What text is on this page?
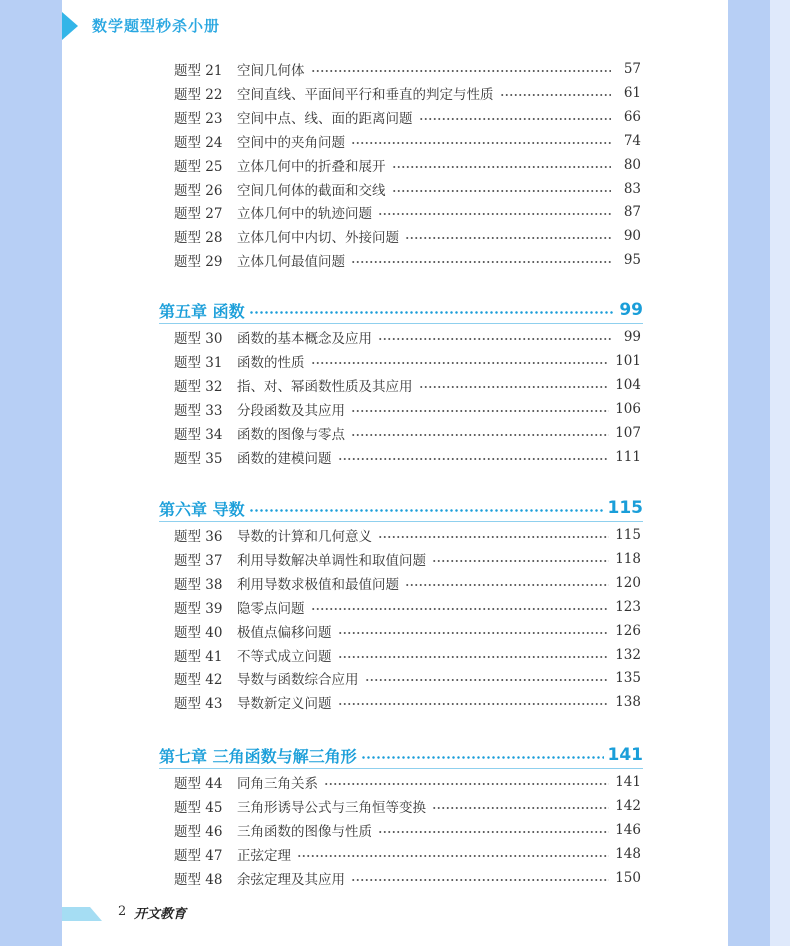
数学题型秒杀小册
题型 21	空间几何体	57
题型 22	空间直线、平面间平行和垂直的判定与性质	61
题型 23	空间中点、线、面的距离问题	66
题型 24	空间中的夹角问题	74
题型 25	立体几何中的折叠和展开	80
题型 26	空间几何体的截面和交线	83
题型 27	立体几何中的轨迹问题	87
题型 28	立体几何中内切、外接问题	90
题型 29	立体几何最值问题	95
第五章 函数	99
题型 30	函数的基本概念及应用	99
题型 31	函数的性质	101
题型 32	指、对、幂函数性质及其应用	104
题型 33	分段函数及其应用	106
题型 34	函数的图像与零点	107
题型 35	函数的建模问题	111
第六章 导数	115
题型 36	导数的计算和几何意义	115
题型 37	利用导数解决单调性和取值问题	118
题型 38	利用导数求极值和最值问题	120
题型 39	隐零点问题	123
题型 40	极值点偏移问题	126
题型 41	不等式成立问题	132
题型 42	导数与函数综合应用	135
题型 43	导数新定义问题	138
第七章 三角函数与解三角形	141
题型 44	同角三角关系	141
题型 45	三角形诱导公式与三角恒等变换	142
题型 46	三角函数的图像与性质	146
题型 47	正弦定理	148
题型 48	余弦定理及其应用	150
2 开文教育
